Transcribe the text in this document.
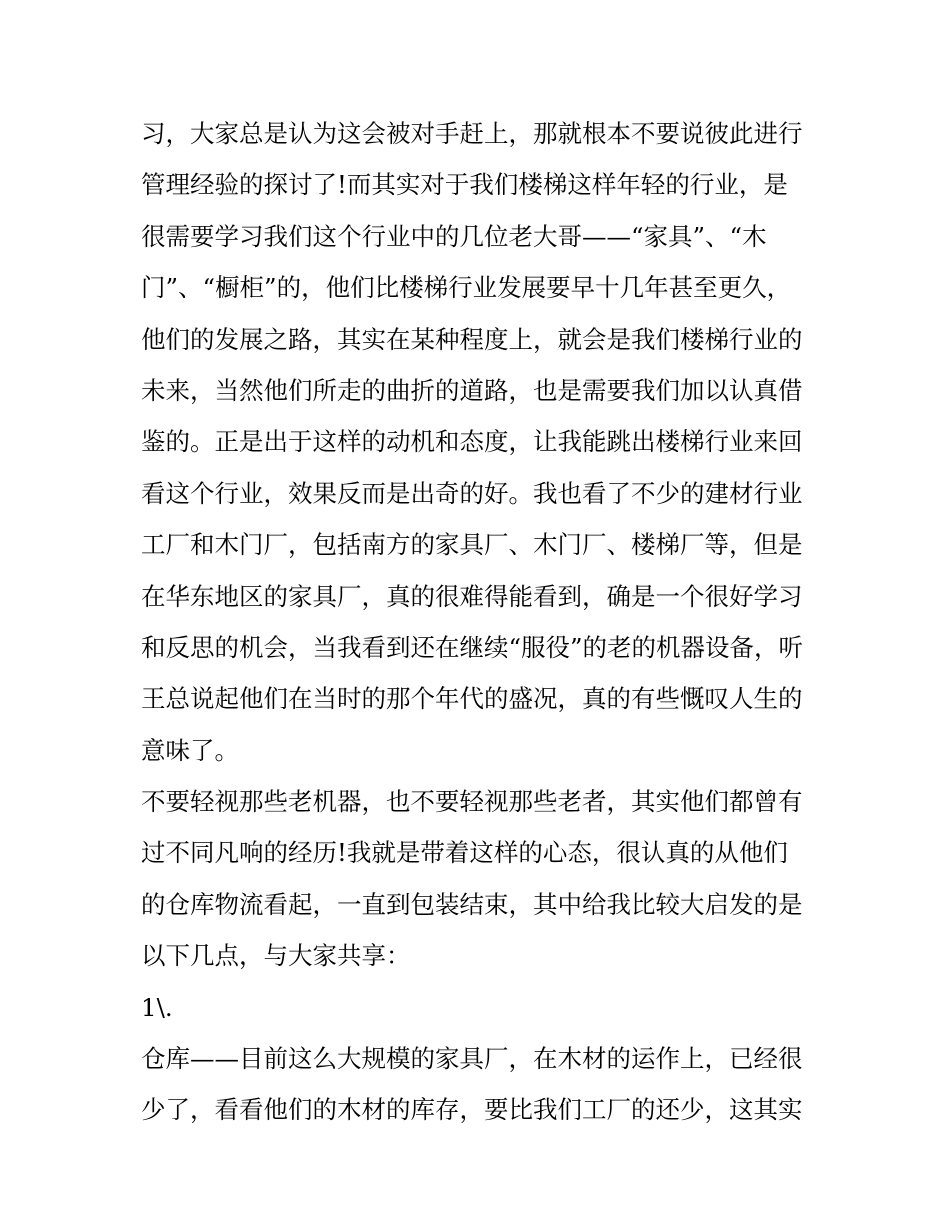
习，大家总是认为这会被对手赶上，那就根本不要说彼此进行
管理经验的探讨了!而其实对于我们楼梯这样年轻的行业，是
很需要学习我们这个行业中的几位老大哥——“家具”、“木
门”、“橱柜”的，他们比楼梯行业发展要早十几年甚至更久，
他们的发展之路，其实在某种程度上，就会是我们楼梯行业的
未来，当然他们所走的曲折的道路，也是需要我们加以认真借
鉴的。正是出于这样的动机和态度，让我能跳出楼梯行业来回
看这个行业，效果反而是出奇的好。我也看了不少的建材行业
工厂和木门厂，包括南方的家具厂、木门厂、楼梯厂等，但是
在华东地区的家具厂，真的很难得能看到，确是一个很好学习
和反思的机会，当我看到还在继续“服役”的老的机器设备，听
王总说起他们在当时的那个年代的盛况，真的有些慨叹人生的
意味了。
不要轻视那些老机器，也不要轻视那些老者，其实他们都曾有
过不同凡响的经历!我就是带着这样的心态，很认真的从他们
的仓库物流看起，一直到包装结束，其中给我比较大启发的是
以下几点，与大家共享：
1\.
仓库——目前这么大规模的家具厂，在木材的运作上，已经很
少了，看看他们的木材的库存，要比我们工厂的还少，这其实
